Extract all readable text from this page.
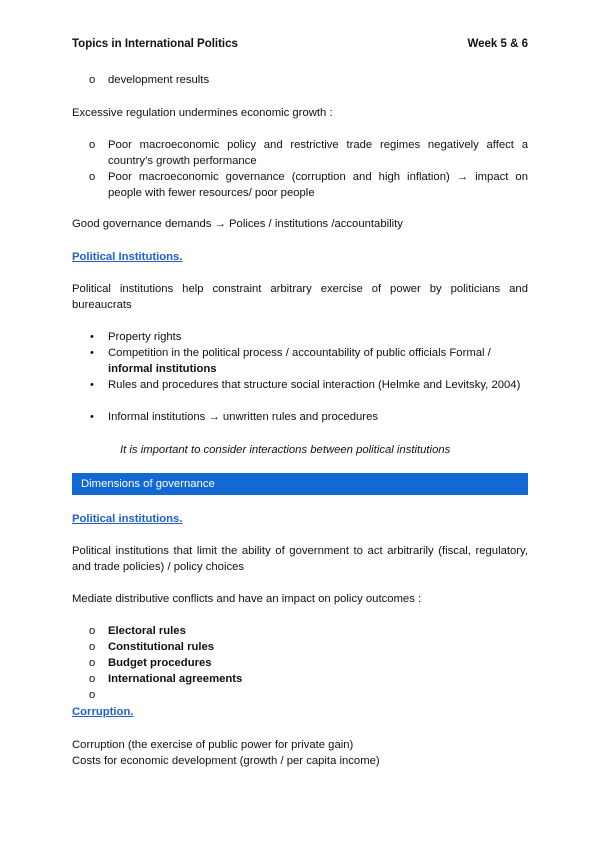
Topics in International Politics	Week 5 & 6
o	development results
Excessive regulation undermines economic growth :
o	Poor macroeconomic policy and restrictive trade regimes negatively affect a country’s growth performance
o	Poor macroeconomic governance (corruption and high inflation) → impact on people with fewer resources/ poor people
Good governance demands → Polices / institutions /accountability
Political Institutions.
Political institutions help constraint arbitrary exercise of power by politicians and bureaucrats
•	Property rights
•	Competition in the political process / accountability of public officials Formal /
informal institutions
•	Rules and procedures that structure social interaction (Helmke and Levitsky, 2004)
•	Informal institutions → unwritten rules and procedures
It is important to consider interactions between political institutions
Dimensions of governance
Political institutions.
Political institutions that limit the ability of government to act arbitrarily (fiscal, regulatory, and trade policies) / policy choices
Mediate distributive conflicts and have an impact on policy outcomes :
o	Electoral rules
o	Constitutional rules
o	Budget procedures
o	International agreements
o
Corruption.
Corruption (the exercise of public power for private gain)
Costs for economic development (growth / per capita income)
